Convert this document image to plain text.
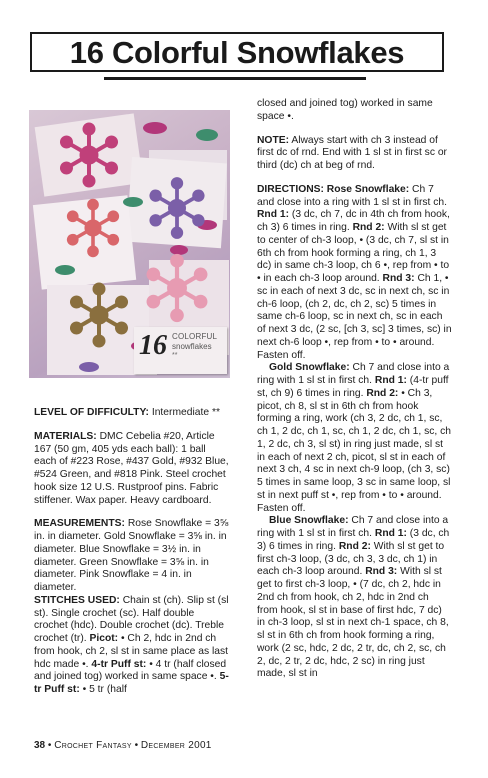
16 Colorful Snowflakes
16 COLORFUL
snowflakes
**

LEVEL OF DIFFICULTY: Intermediate **

MATERIALS: DMC Cebelia #20, Article 167 (50 gm, 405 yds each ball): 1 ball each of #223 Rose, #437 Gold, #932 Blue, #524 Green, and #818 Pink. Steel crochet hook size 12 U.S. Rustproof pins. Fabric stiffener. Wax paper. Heavy cardboard.

MEASUREMENTS: Rose Snowflake = 3⅝ in. in diameter. Gold Snowflake = 3⅝ in. in diameter. Blue Snowflake = 3½ in. in diameter. Green Snowflake = 3⅝ in. in diameter. Pink Snowflake = 4 in. in diameter.

STITCHES USED: Chain st (ch). Slip st (sl st). Single crochet (sc). Half double crochet (hdc). Double crochet (dc). Treble crochet (tr). Picot: • Ch 2, hdc in 2nd ch from hook, ch 2, sl st in same place as last hdc made •. 4-tr Puff st: • 4 tr (half closed and joined tog) worked in same space •. 5-tr Puff st: • 5 tr (half

closed and joined tog) worked in same space •.

NOTE: Always start with ch 3 instead of first dc of rnd. End with 1 sl st in first sc or third (dc) ch at beg of rnd.

DIRECTIONS: Rose Snowflake: Ch 7 and close into a ring with 1 sl st in first ch. Rnd 1: (3 dc, ch 7, dc in 4th ch from hook, ch 3) 6 times in ring. Rnd 2: With sl st get to center of ch-3 loop, • (3 dc, ch 7, sl st in 6th ch from hook forming a ring, ch 1, 3 dc) in same ch-3 loop, ch 6 •, rep from • to • in each ch-3 loop around. Rnd 3: Ch 1, • sc in each of next 3 dc, sc in next ch, sc in ch-6 loop, (ch 2, dc, ch 2, sc) 5 times in same ch-6 loop, sc in next ch, sc in each of next 3 dc, (2 sc, [ch 3, sc] 3 times, sc) in next ch-6 loop •, rep from • to • around. Fasten off.

Gold Snowflake: Ch 7 and close into a ring with 1 sl st in first ch. Rnd 1: (4-tr puff st, ch 9) 6 times in ring. Rnd 2: • Ch 3, picot, ch 8, sl st in 6th ch from hook forming a ring, work (ch 3, 2 dc, ch 1, sc, ch 1, 2 dc, ch 1, sc, ch 1, 2 dc, ch 1, sc, ch 1, 2 dc, ch 3, sl st) in ring just made, sl st in each of next 2 ch, picot, sl st in each of next 3 ch, 4 sc in next ch-9 loop, (ch 3, sc) 5 times in same loop, 3 sc in same loop, sl st in next puff st •, rep from • to • around. Fasten off.

Blue Snowflake: Ch 7 and close into a ring with 1 sl st in first ch. Rnd 1: (3 dc, ch 3) 6 times in ring. Rnd 2: With sl st get to first ch-3 loop, (3 dc, ch 3, 3 dc, ch 1) in each ch-3 loop around. Rnd 3: With sl st get to first ch-3 loop, • (7 dc, ch 2, hdc in 2nd ch from hook, ch 2, hdc in 2nd ch from hook, sl st in base of first hdc, 7 dc) in ch-3 loop, sl st in next ch-1 space, ch 8, sl st in 6th ch from hook forming a ring, work (2 sc, hdc, 2 dc, 2 tr, dc, ch 2, sc, ch 2, dc, 2 tr, 2 dc, hdc, 2 sc) in ring just made, sl st in

38 • Crochet Fantasy • December 2001
